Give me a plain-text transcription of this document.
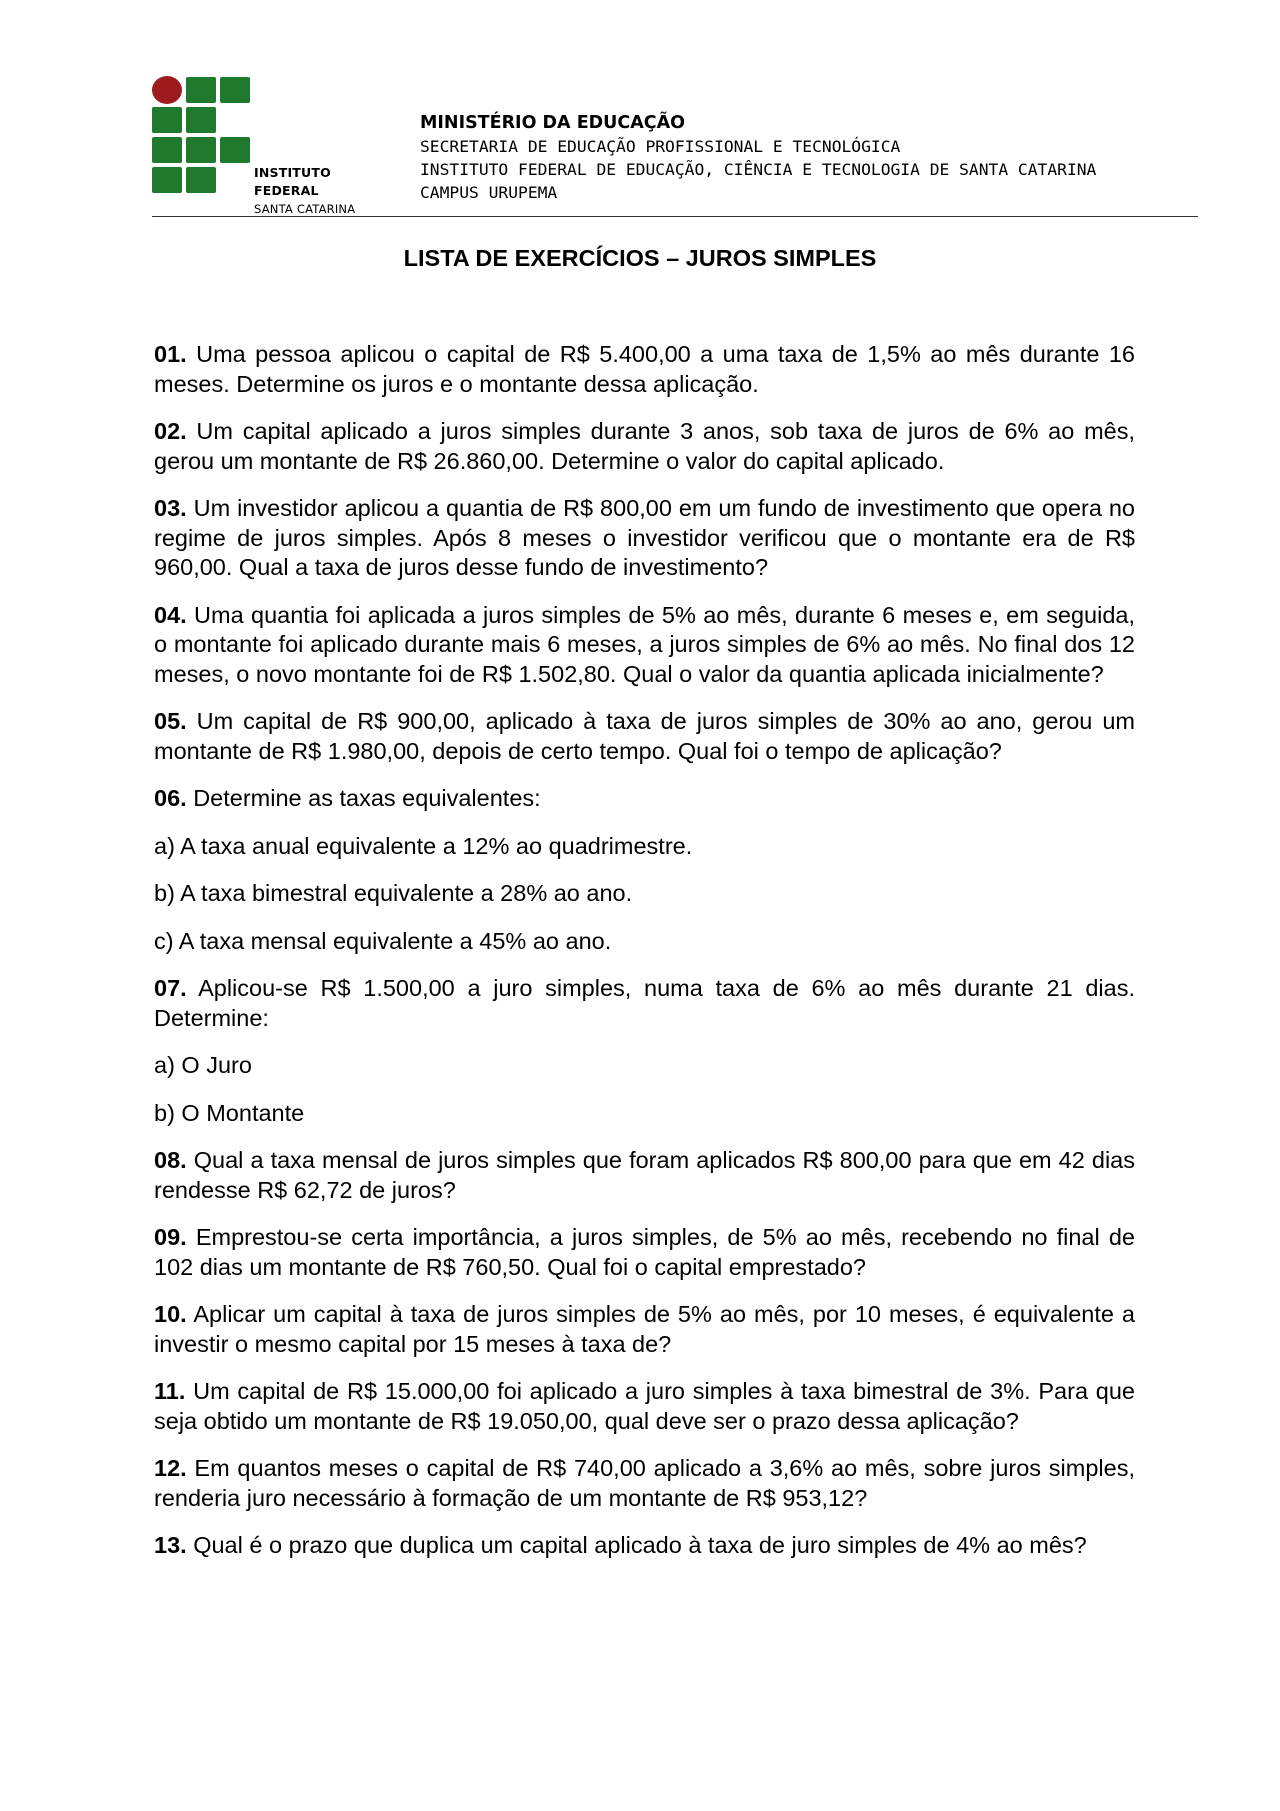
INSTITUTO FEDERAL
SANTA CATARINA
MINISTÉRIO DA EDUCAÇÃO
SECRETARIA DE EDUCAÇÃO PROFISSIONAL E TECNOLÓGICA
INSTITUTO FEDERAL DE EDUCAÇÃO, CIÊNCIA E TECNOLOGIA DE SANTA CATARINA
CAMPUS URUPEMA
LISTA DE EXERCÍCIOS – JUROS SIMPLES

01. Uma pessoa aplicou o capital de R$ 5.400,00 a uma taxa de 1,5% ao mês durante 16 meses. Determine os juros e o montante dessa aplicação.

02. Um capital aplicado a juros simples durante 3 anos, sob taxa de juros de 6% ao mês, gerou um montante de R$ 26.860,00. Determine o valor do capital aplicado.

03. Um investidor aplicou a quantia de R$ 800,00 em um fundo de investimento que opera no regime de juros simples. Após 8 meses o investidor verificou que o montante era de R$ 960,00. Qual a taxa de juros desse fundo de investimento?

04. Uma quantia foi aplicada a juros simples de 5% ao mês, durante 6 meses e, em seguida, o montante foi aplicado durante mais 6 meses, a juros simples de 6% ao mês. No final dos 12 meses, o novo montante foi de R$ 1.502,80. Qual o valor da quantia aplicada inicialmente?

05. Um capital de R$ 900,00, aplicado à taxa de juros simples de 30% ao ano, gerou um montante de R$ 1.980,00, depois de certo tempo. Qual foi o tempo de aplicação?

06. Determine as taxas equivalentes:

a) A taxa anual equivalente a 12% ao quadrimestre.

b) A taxa bimestral equivalente a 28% ao ano.

c) A taxa mensal equivalente a 45% ao ano.

07. Aplicou-se R$ 1.500,00 a juro simples, numa taxa de 6% ao mês durante 21 dias. Determine:

a) O Juro

b) O Montante

08. Qual a taxa mensal de juros simples que foram aplicados R$ 800,00 para que em 42 dias rendesse R$ 62,72 de juros?

09. Emprestou-se certa importância, a juros simples, de 5% ao mês, recebendo no final de 102 dias um montante de R$ 760,50. Qual foi o capital emprestado?

10. Aplicar um capital à taxa de juros simples de 5% ao mês, por 10 meses, é equivalente a investir o mesmo capital por 15 meses à taxa de?

11. Um capital de R$ 15.000,00 foi aplicado a juro simples à taxa bimestral de 3%. Para que seja obtido um montante de R$ 19.050,00, qual deve ser o prazo dessa aplicação?

12. Em quantos meses o capital de R$ 740,00 aplicado a 3,6% ao mês, sobre juros simples, renderia juro necessário à formação de um montante de R$ 953,12?

13. Qual é o prazo que duplica um capital aplicado à taxa de juro simples de 4% ao mês?
